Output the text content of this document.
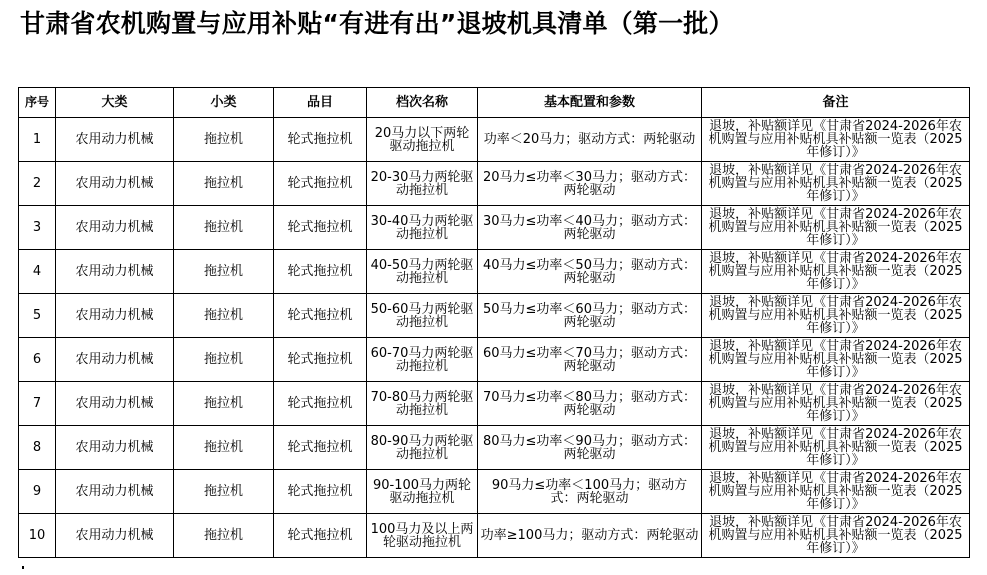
甘肃省农机购置与应用补贴“有进有出”退坡机具清单（第一批）
序号	大类	小类	品目	档次名称	基本配置和参数	备注
1	农用动力机械	拖拉机	轮式拖拉机	20马力以下两轮驱动拖拉机	功率＜20马力；驱动方式：两轮驱动	退坡，补贴额详见《甘肃省2024-2026年农机购置与应用补贴机具补贴额一览表（2025年修订）》
2	农用动力机械	拖拉机	轮式拖拉机	20-30马力两轮驱动拖拉机	20马力≤功率＜30马力；驱动方式：两轮驱动	退坡，补贴额详见《甘肃省2024-2026年农机购置与应用补贴机具补贴额一览表（2025年修订）》
3	农用动力机械	拖拉机	轮式拖拉机	30-40马力两轮驱动拖拉机	30马力≤功率＜40马力；驱动方式：两轮驱动	退坡，补贴额详见《甘肃省2024-2026年农机购置与应用补贴机具补贴额一览表（2025年修订）》
4	农用动力机械	拖拉机	轮式拖拉机	40-50马力两轮驱动拖拉机	40马力≤功率＜50马力；驱动方式：两轮驱动	退坡，补贴额详见《甘肃省2024-2026年农机购置与应用补贴机具补贴额一览表（2025年修订）》
5	农用动力机械	拖拉机	轮式拖拉机	50-60马力两轮驱动拖拉机	50马力≤功率＜60马力；驱动方式：两轮驱动	退坡，补贴额详见《甘肃省2024-2026年农机购置与应用补贴机具补贴额一览表（2025年修订）》
6	农用动力机械	拖拉机	轮式拖拉机	60-70马力两轮驱动拖拉机	60马力≤功率＜70马力；驱动方式：两轮驱动	退坡，补贴额详见《甘肃省2024-2026年农机购置与应用补贴机具补贴额一览表（2025年修订）》
7	农用动力机械	拖拉机	轮式拖拉机	70-80马力两轮驱动拖拉机	70马力≤功率＜80马力；驱动方式：两轮驱动	退坡，补贴额详见《甘肃省2024-2026年农机购置与应用补贴机具补贴额一览表（2025年修订）》
8	农用动力机械	拖拉机	轮式拖拉机	80-90马力两轮驱动拖拉机	80马力≤功率＜90马力；驱动方式：两轮驱动	退坡，补贴额详见《甘肃省2024-2026年农机购置与应用补贴机具补贴额一览表（2025年修订）》
9	农用动力机械	拖拉机	轮式拖拉机	90-100马力两轮驱动拖拉机	90马力≤功率＜100马力；驱动方式：两轮驱动	退坡，补贴额详见《甘肃省2024-2026年农机购置与应用补贴机具补贴额一览表（2025年修订）》
10	农用动力机械	拖拉机	轮式拖拉机	100马力及以上两轮驱动拖拉机	功率≥100马力；驱动方式：两轮驱动	退坡，补贴额详见《甘肃省2024-2026年农机购置与应用补贴机具补贴额一览表（2025年修订）》
